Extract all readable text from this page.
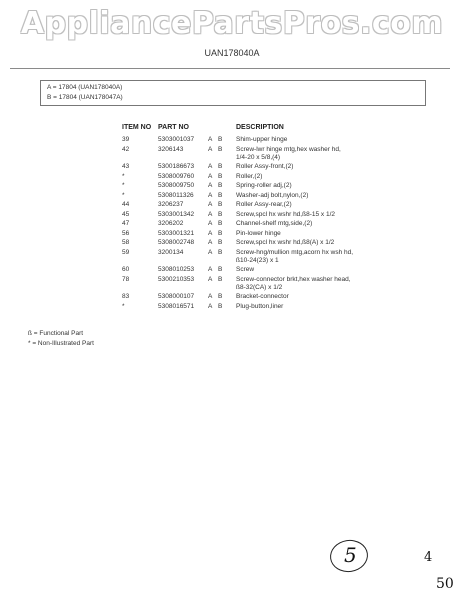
AppliancePartsPros.com
UAN178040A
A = 17804 (UAN178040A)
B = 17804 (UAN178047A)
ITEM NO PART NO	DESCRIPTION
39	5303001037 A B Shim-upper hinge
42	3206143	A B Screw-lwr hinge mtg,hex washer hd,
1/4-20 x 5/8,(4)
43	5300186673 A B Roller Assy-front,(2)
*	5308009760 A B Roller,(2)
*	5308009750 A B Spring-roller adj,(2)
*	5308011326 A B Washer-adj bolt,nylon,(2)
44	3206237	A B Roller Assy-rear,(2)
45	5303001342 A B Screw,spcl hx wshr hd,ß8-15 x 1/2
47	3206202	A B Channel-shelf mtg,side,(2)
56	5303001321 A B Pin-lower hinge
58	5308002748 A B Screw,spcl hx wshr hd,ß8(A) x 1/2
59	3200134	A B Screw-hng/mullion mtg,acorn hx wsh hd,
ß10-24(23) x 1
60	5308010253 A B Screw
78	5300210353 A B Screw-connector brkt,hex washer head,
ß8-32(CA) x 1/2
83	5308000107 A B Bracket-connector
*	5308016571 A B Plug-button,liner
ß = Functional Part
* = Non-Illustrated Part
5	4
50
